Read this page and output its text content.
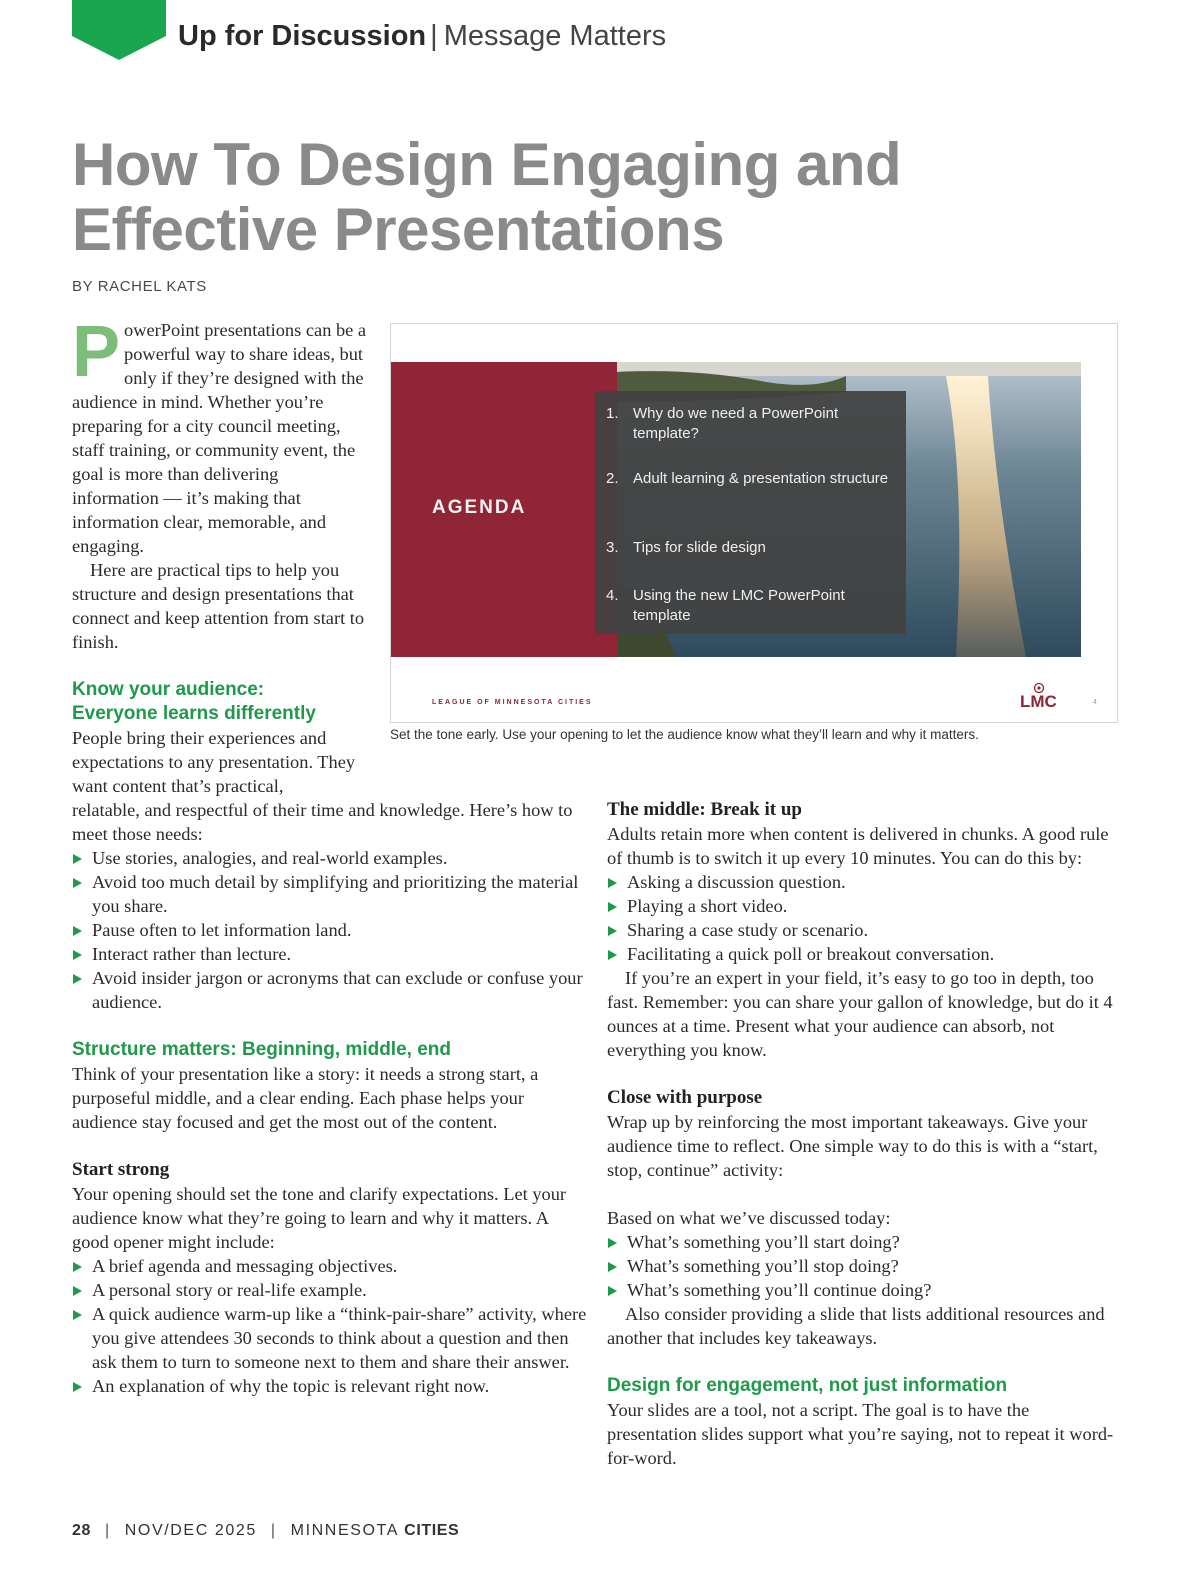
Up for Discussion | Message Matters
How To Design Engaging and Effective Presentations
BY RACHEL KATS

PowerPoint presentations can be a powerful way to share ideas, but only if they’re designed with the audience in mind. Whether you’re preparing for a city council meeting, staff training, or community event, the goal is more than delivering information — it’s making that information clear, memorable, and engaging.

Here are practical tips to help you structure and design presentations that connect and keep attention from start to finish.

Know your audience:
Everyone learns differently

People bring their experiences and expectations to any presentation. They want content that’s practical,

relatable, and respectful of their time and knowledge. Here’s how to meet those needs:

Use stories, analogies, and real-world examples.
Avoid too much detail by simplifying and prioritizing the material you share.
Pause often to let information land.
Interact rather than lecture.
Avoid insider jargon or acronyms that can exclude or confuse your audience.

Structure matters: Beginning, middle, end

Think of your presentation like a story: it needs a strong start, a purposeful middle, and a clear ending. Each phase helps your audience stay focused and get the most out of the content.

Start strong

Your opening should set the tone and clarify expectations. Let your audience know what they’re going to learn and why it matters. A good opener might include:

A brief agenda and messaging objectives.
A personal story or real-life example.
A quick audience warm-up like a “think-pair-share” activity, where you give attendees 30 seconds to think about a question and then ask them to turn to someone next to them and share their answer.
An explanation of why the topic is relevant right now.

The middle: Break it up

Adults retain more when content is delivered in chunks. A good rule of thumb is to switch it up every 10 minutes. You can do this by:

Asking a discussion question.
Playing a short video.
Sharing a case study or scenario.
Facilitating a quick poll or breakout conversation.

If you’re an expert in your field, it’s easy to go too in depth, too fast. Remember: you can share your gallon of knowledge, but do it 4 ounces at a time. Present what your audience can absorb, not everything you know.

Close with purpose

Wrap up by reinforcing the most important takeaways. Give your audience time to reflect. One simple way to do this is with a “start, stop, continue” activity:

Based on what we’ve discussed today:

What’s something you’ll start doing?
What’s something you’ll stop doing?
What’s something you’ll continue doing?

Also consider providing a slide that lists additional resources and another that includes key takeaways.

Design for engagement, not just information

Your slides are a tool, not a script. The goal is to have the presentation slides support what you’re saying, not to repeat it word-for-word.

AGENDA
1. Why do we need a PowerPoint template?
2. Adult learning & presentation structure
3. Tips for slide design
4. Using the new LMC PowerPoint template
LEAGUE OF MINNESOTA CITIES	LMC	4
Set the tone early. Use your opening to let the audience know what they’ll learn and why it matters.
28 | NOV/DEC 2025 | MINNESOTA CITIES
